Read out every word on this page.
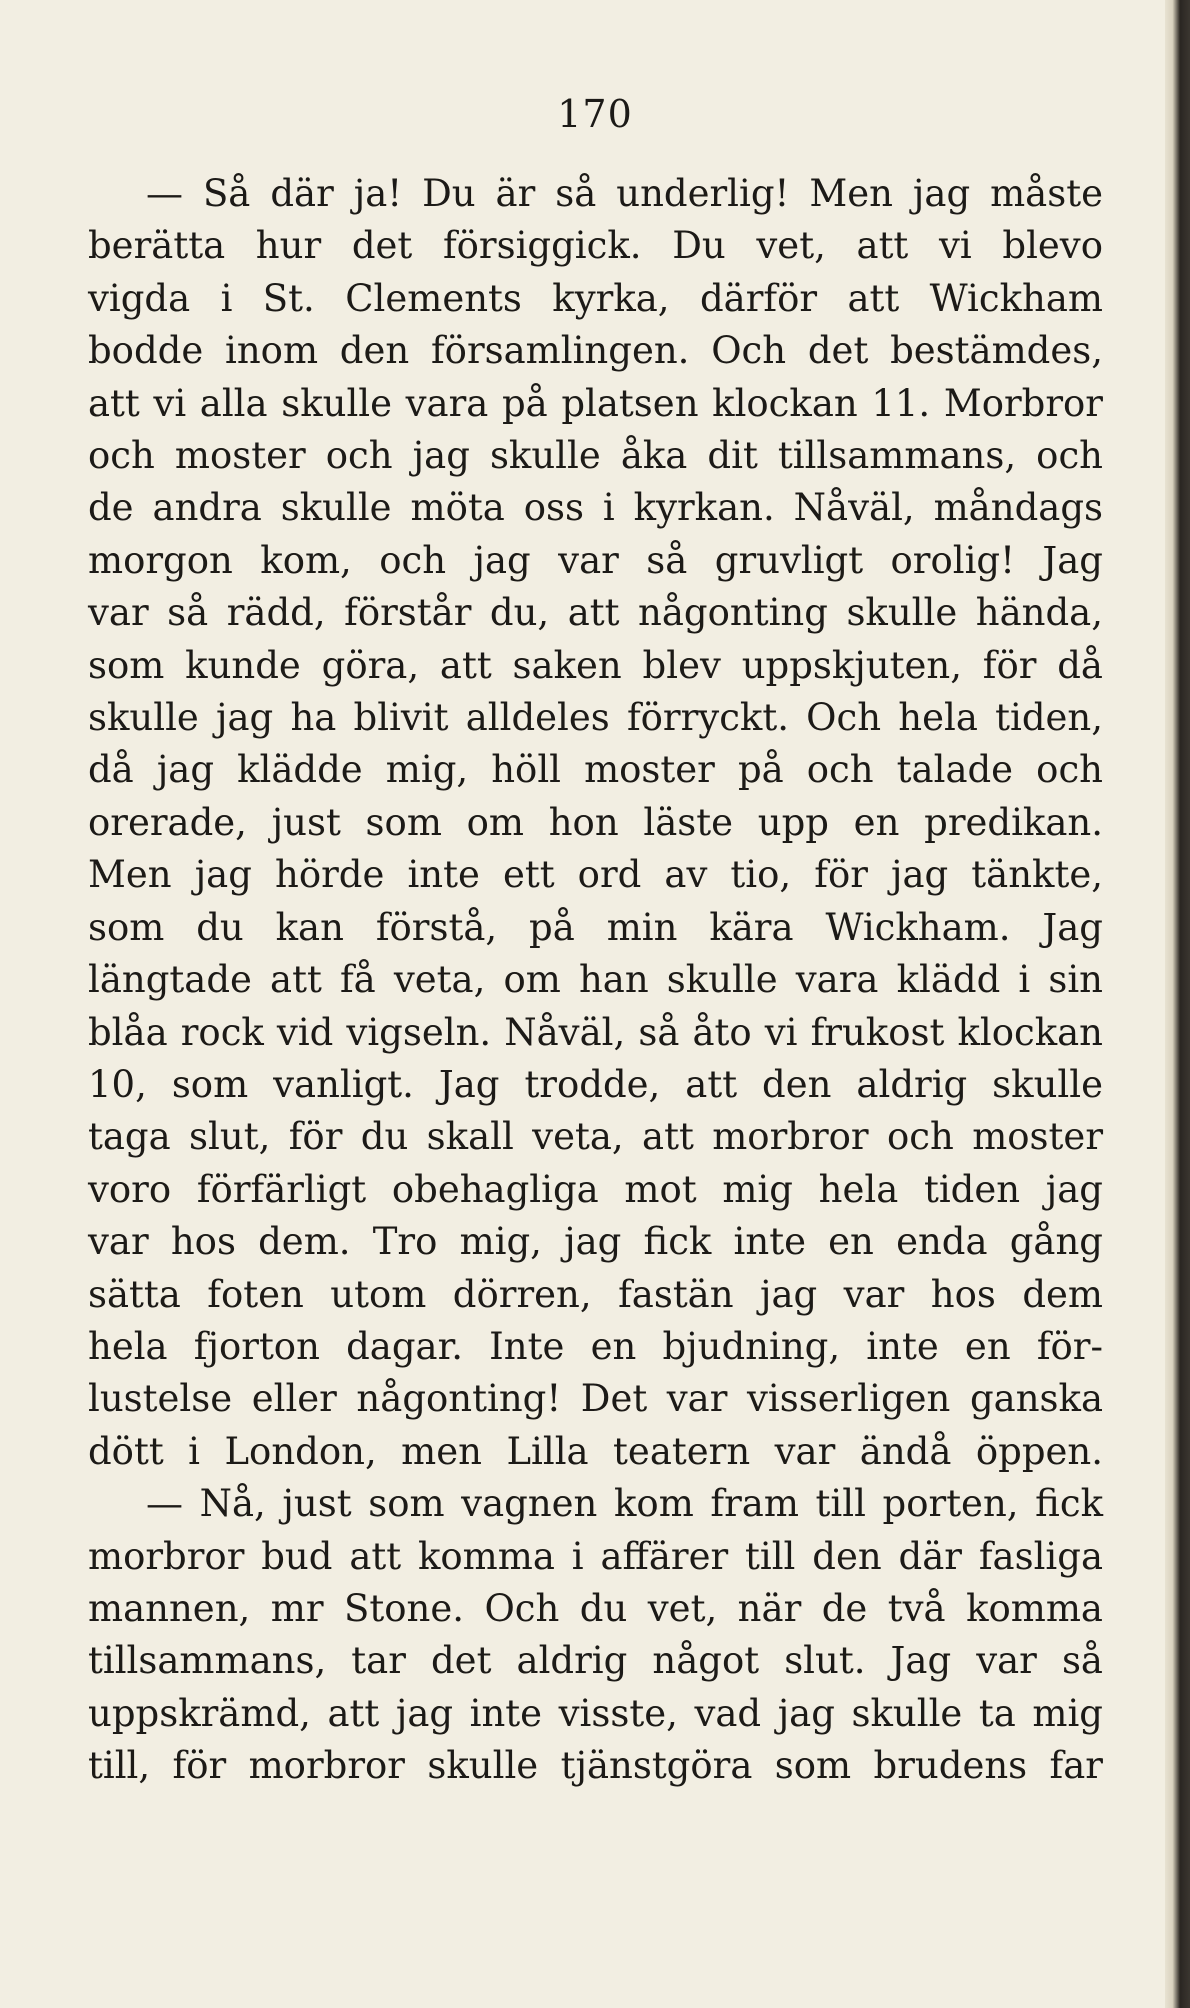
170
— Så där ja! Du är så underlig! Men jag måste
berätta hur det försiggick. Du vet, att vi blevo
vigda i St. Clements kyrka, därför att Wickham
bodde inom den församlingen. Och det bestämdes,
att vi alla skulle vara på platsen klockan 11. Morbror
och moster och jag skulle åka dit tillsammans, och
de andra skulle möta oss i kyrkan. Nåväl, måndags
morgon kom, och jag var så gruvligt orolig! Jag
var så rädd, förstår du, att någonting skulle hända,
som kunde göra, att saken blev uppskjuten, för då
skulle jag ha blivit alldeles förryckt. Och hela tiden,
då jag klädde mig, höll moster på och talade och
orerade, just som om hon läste upp en predikan.
Men jag hörde inte ett ord av tio, för jag tänkte,
som du kan förstå, på min kära Wickham. Jag
längtade att få veta, om han skulle vara klädd i sin
blåa rock vid vigseln. Nåväl, så åto vi frukost klockan
10, som vanligt. Jag trodde, att den aldrig skulle
taga slut, för du skall veta, att morbror och moster
voro förfärligt obehagliga mot mig hela tiden jag
var hos dem. Tro mig, jag fick inte en enda gång
sätta foten utom dörren, fastän jag var hos dem
hela fjorton dagar. Inte en bjudning, inte en för-
lustelse eller någonting! Det var visserligen ganska
dött i London, men Lilla teatern var ändå öppen.
— Nå, just som vagnen kom fram till porten, fick
morbror bud att komma i affärer till den där fasliga
mannen, mr Stone. Och du vet, när de två komma
tillsammans, tar det aldrig något slut. Jag var så
uppskrämd, att jag inte visste, vad jag skulle ta mig
till, för morbror skulle tjänstgöra som brudens far
